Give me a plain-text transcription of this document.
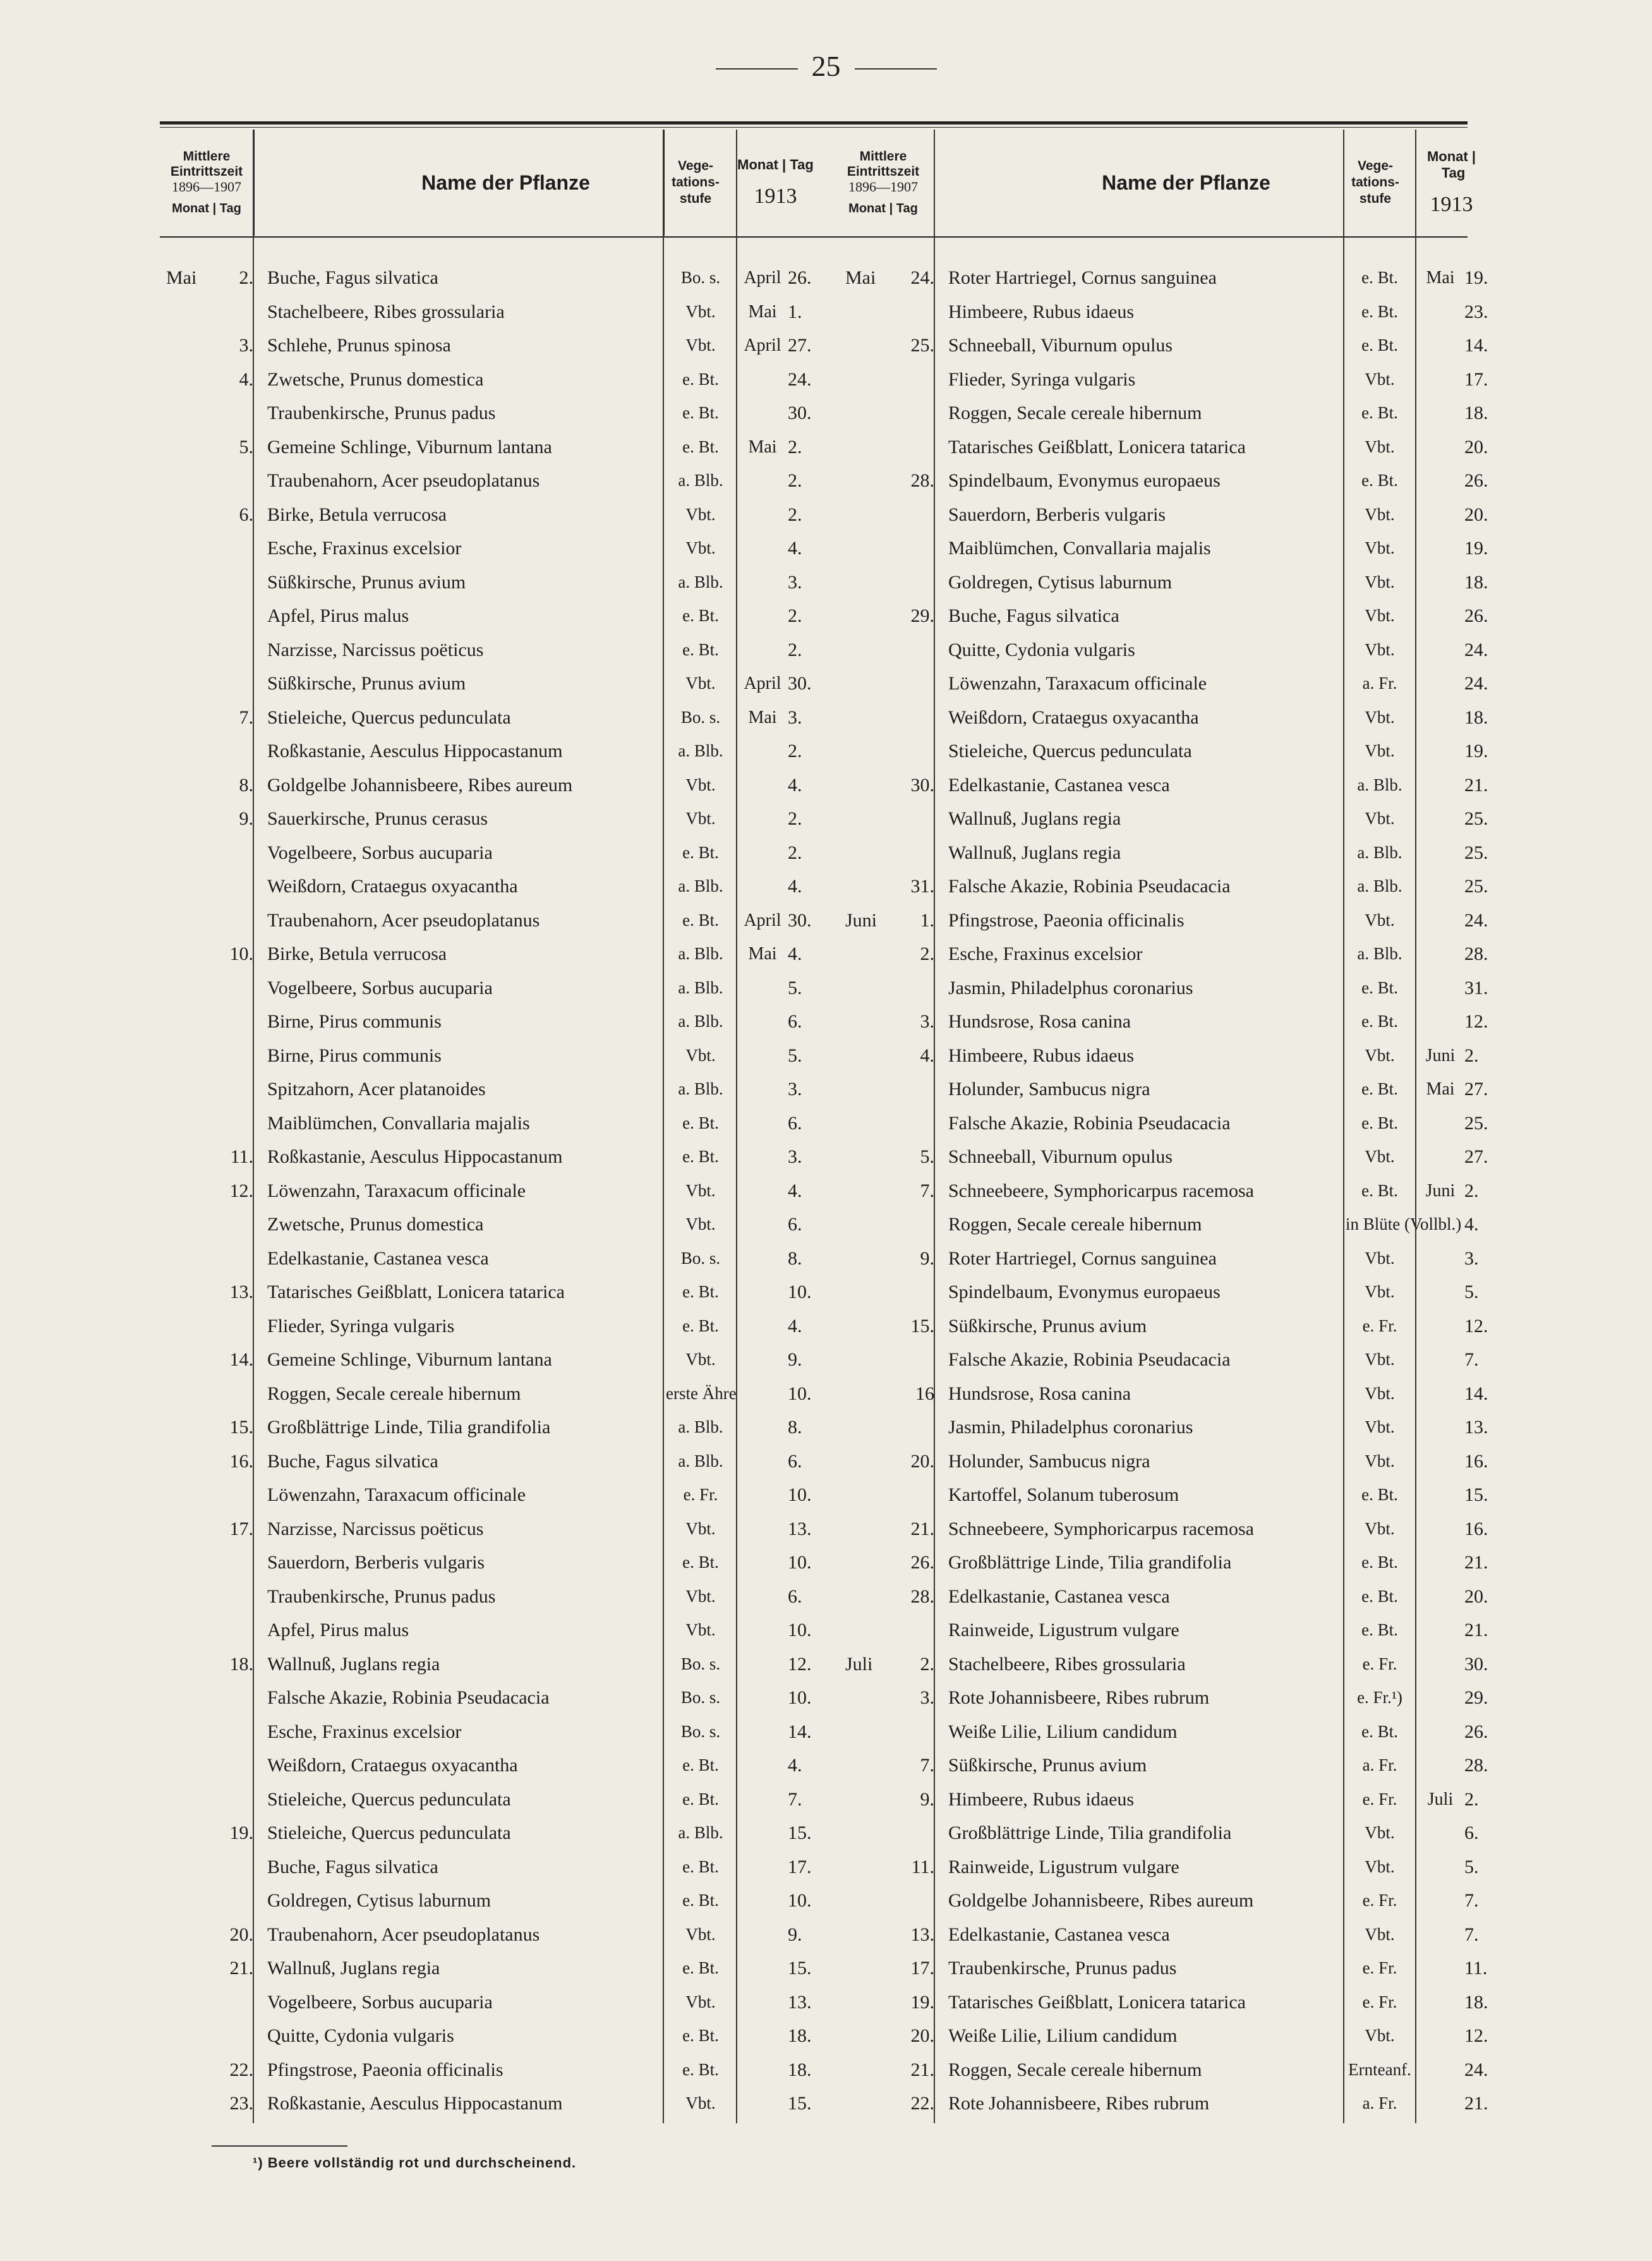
25
Mittlere
Eintrittszeit
1896—1907
Monat | Tag
Name der Pflanze
Vege-
tations-
stufe
Monat | Tag
1913
Mai	2. Buche, Fagus silvatica	Bo. s.	April 26.
Stachelbeere, Ribes grossularia	Vbt.	Mai 1.
3. Schlehe, Prunus spinosa	Vbt.	April 27.
4. Zwetsche, Prunus domestica	e. Bt.	24.
Traubenkirsche, Prunus padus	e. Bt.	30.
5. Gemeine Schlinge, Viburnum lantana	e. Bt.	Mai 2.
Traubenahorn, Acer pseudoplatanus	a. Blb.	2.
6. Birke, Betula verrucosa	Vbt.	2.
Esche, Fraxinus excelsior	Vbt.	4.
Süßkirsche, Prunus avium	a. Blb.	3.
Apfel, Pirus malus	e. Bt.	2.
Narzisse, Narcissus poëticus	e. Bt.	2.
Süßkirsche, Prunus avium	Vbt.	April 30.
7. Stieleiche, Quercus pedunculata	Bo. s.	Mai 3.
Roßkastanie, Aesculus Hippocastanum	a. Blb.	2.
8. Goldgelbe Johannisbeere, Ribes aureum	Vbt.	4.
9. Sauerkirsche, Prunus cerasus	Vbt.	2.
Vogelbeere, Sorbus aucuparia	e. Bt.	2.
Weißdorn, Crataegus oxyacantha	a. Blb.	4.
Traubenahorn, Acer pseudoplatanus	e. Bt.	April 30.
10. Birke, Betula verrucosa	a. Blb.	Mai 4.
Vogelbeere, Sorbus aucuparia	a. Blb.	5.
Birne, Pirus communis	a. Blb.	6.
Birne, Pirus communis	Vbt.	5.
Spitzahorn, Acer platanoides	a. Blb.	3.
Maiblümchen, Convallaria majalis	e. Bt.	6.
11. Roßkastanie, Aesculus Hippocastanum	e. Bt.	3.
12. Löwenzahn, Taraxacum officinale	Vbt.	4.
Zwetsche, Prunus domestica	Vbt.	6.
Edelkastanie, Castanea vesca	Bo. s.	8.
13. Tatarisches Geißblatt, Lonicera tatarica	e. Bt.	10.
Flieder, Syringa vulgaris	e. Bt.	4.
14. Gemeine Schlinge, Viburnum lantana	Vbt.	9.
Roggen, Secale cereale hibernum	erste Ähre	10.
15. Großblättrige Linde, Tilia grandifolia	a. Blb.	8.
16. Buche, Fagus silvatica	a. Blb.	6.
Löwenzahn, Taraxacum officinale	e. Fr.	10.
17. Narzisse, Narcissus poëticus	Vbt.	13.
Sauerdorn, Berberis vulgaris	e. Bt.	10.
Traubenkirsche, Prunus padus	Vbt.	6.
Apfel, Pirus malus	Vbt.	10.
18. Wallnuß, Juglans regia	Bo. s.	12.
Falsche Akazie, Robinia Pseudacacia	Bo. s.	10.
Esche, Fraxinus excelsior	Bo. s.	14.
Weißdorn, Crataegus oxyacantha	e. Bt.	4.
Stieleiche, Quercus pedunculata	e. Bt.	7.
19. Stieleiche, Quercus pedunculata	a. Blb.	15.
Buche, Fagus silvatica	e. Bt.	17.
Goldregen, Cytisus laburnum	e. Bt.	10.
20. Traubenahorn, Acer pseudoplatanus	Vbt.	9.
21. Wallnuß, Juglans regia	e. Bt.	15.
Vogelbeere, Sorbus aucuparia	Vbt.	13.
Quitte, Cydonia vulgaris	e. Bt.	18.
22. Pfingstrose, Paeonia officinalis	e. Bt.	18.
23. Roßkastanie, Aesculus Hippocastanum	Vbt.	15.
Mittlere
Eintrittszeit
1896—1907
Monat | Tag
Name der Pflanze
Vege-
tations-
stufe
Monat | Tag
1913
Mai	24. Roter Hartriegel, Cornus sanguinea	e. Bt.	Mai 19.
Himbeere, Rubus idaeus	e. Bt.	23.
25. Schneeball, Viburnum opulus	e. Bt.	14.
Flieder, Syringa vulgaris	Vbt.	17.
Roggen, Secale cereale hibernum	e. Bt.	18.
Tatarisches Geißblatt, Lonicera tatarica	Vbt.	20.
28. Spindelbaum, Evonymus europaeus	e. Bt.	26.
Sauerdorn, Berberis vulgaris	Vbt.	20.
Maiblümchen, Convallaria majalis	Vbt.	19.
Goldregen, Cytisus laburnum	Vbt.	18.
29. Buche, Fagus silvatica	Vbt.	26.
Quitte, Cydonia vulgaris	Vbt.	24.
Löwenzahn, Taraxacum officinale	a. Fr.	24.
Weißdorn, Crataegus oxyacantha	Vbt.	18.
Stieleiche, Quercus pedunculata	Vbt.	19.
30. Edelkastanie, Castanea vesca	a. Blb.	21.
Wallnuß, Juglans regia	Vbt.	25.
Wallnuß, Juglans regia	a. Blb.	25.
31. Falsche Akazie, Robinia Pseudacacia	a. Blb.	25.
Juni	1. Pfingstrose, Paeonia officinalis	Vbt.	24.
2. Esche, Fraxinus excelsior	a. Blb.	28.
Jasmin, Philadelphus coronarius	e. Bt.	31.
3. Hundsrose, Rosa canina	e. Bt.	12.
4. Himbeere, Rubus idaeus	Vbt.	Juni 2.
Holunder, Sambucus nigra	e. Bt.	Mai 27.
Falsche Akazie, Robinia Pseudacacia	e. Bt.	25.
5. Schneeball, Viburnum opulus	Vbt.	27.
7. Schneebeere, Symphoricarpus racemosa	e. Bt.	Juni 2.
Roggen, Secale cereale hibernum	in Blüte (Vollbl.) 4.
9. Roter Hartriegel, Cornus sanguinea	Vbt.	3.
Spindelbaum, Evonymus europaeus	Vbt.	5.
15. Süßkirsche, Prunus avium	e. Fr.	12.
Falsche Akazie, Robinia Pseudacacia	Vbt.	7.
16 Hundsrose, Rosa canina	Vbt.	14.
Jasmin, Philadelphus coronarius	Vbt.	13.
20. Holunder, Sambucus nigra	Vbt.	16.
Kartoffel, Solanum tuberosum	e. Bt.	15.
21. Schneebeere, Symphoricarpus racemosa	Vbt.	16.
26. Großblättrige Linde, Tilia grandifolia	e. Bt.	21.
28. Edelkastanie, Castanea vesca	e. Bt.	20.
Rainweide, Ligustrum vulgare	e. Bt.	21.
Juli	2. Stachelbeere, Ribes grossularia	e. Fr.	30.
3. Rote Johannisbeere, Ribes rubrum	e. Fr.¹)	29.
Weiße Lilie, Lilium candidum	e. Bt.	26.
7. Süßkirsche, Prunus avium	a. Fr.	28.
9. Himbeere, Rubus idaeus	e. Fr.	Juli 2.
Großblättrige Linde, Tilia grandifolia	Vbt.	6.
11. Rainweide, Ligustrum vulgare	Vbt.	5.
Goldgelbe Johannisbeere, Ribes aureum	e. Fr.	7.
13. Edelkastanie, Castanea vesca	Vbt.	7.
17. Traubenkirsche, Prunus padus	e. Fr.	11.
19. Tatarisches Geißblatt, Lonicera tatarica	e. Fr.	18.
20. Weiße Lilie, Lilium candidum	Vbt.	12.
21. Roggen, Secale cereale hibernum	Ernteanf.	24.
22. Rote Johannisbeere, Ribes rubrum	a. Fr.	21.
¹) Beere vollständig rot und durchscheinend.
